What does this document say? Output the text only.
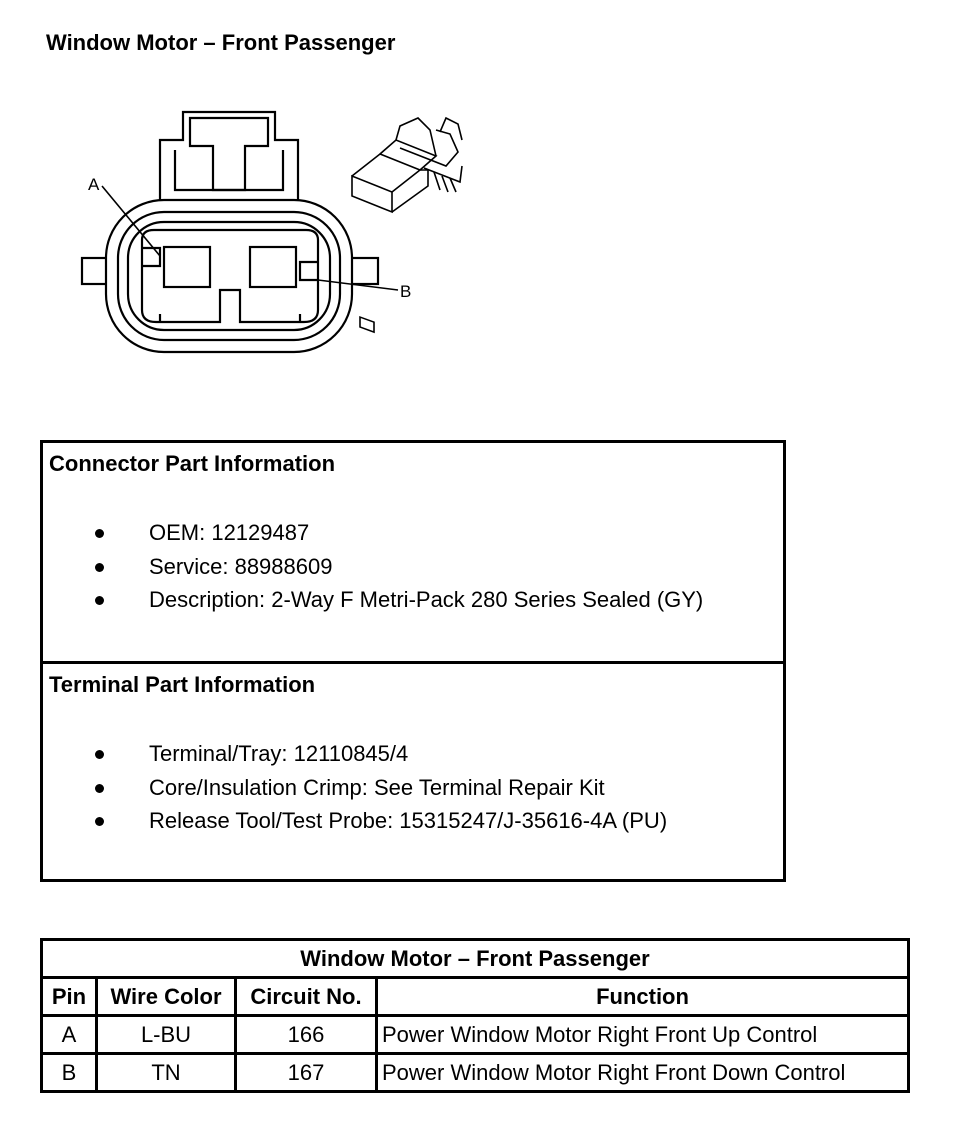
Window Motor – Front Passenger
A
B
Connector Part Information
OEM: 12129487
Service: 88988609
Description: 2-Way F Metri-Pack 280 Series Sealed (GY)
Terminal Part Information
Terminal/Tray: 12110845/4
Core/Insulation Crimp: See Terminal Repair Kit
Release Tool/Test Probe: 15315247/J-35616-4A (PU)
Window Motor – Front Passenger			
Pin	Wire Color	Circuit No.	Function
A	L-BU	166	Power Window Motor Right Front Up Control
B	TN	167	Power Window Motor Right Front Down Control
